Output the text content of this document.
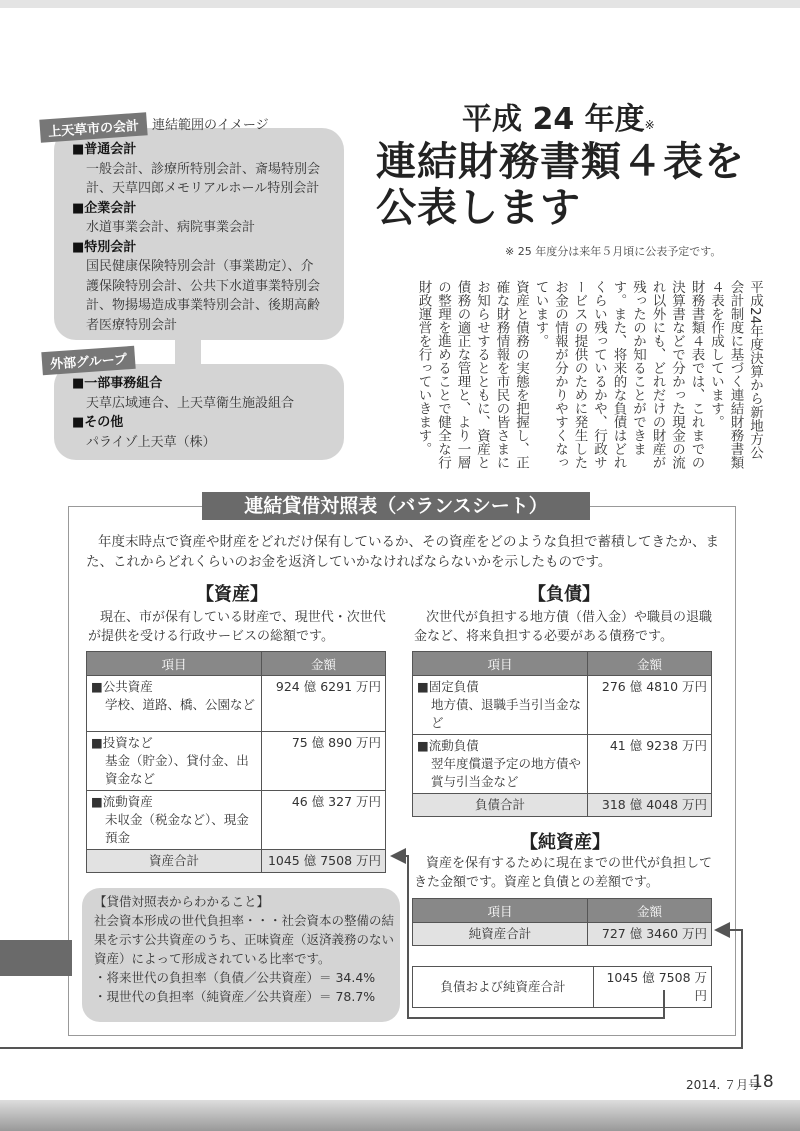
上天草市の会計 連結範囲のイメージ
■普通会計
一般会計、診療所特別会計、斎場特別会
計、天草四郎メモリアルホール特別会計
■企業会計
水道事業会計、病院事業会計
■特別会計
国民健康保険特別会計（事業勘定）、介
護保険特別会計、公共下水道事業特別会
計、物揚場造成事業特別会計、後期高齢
者医療特別会計
外部グループ
■一部事務組合
天草広域連合、上天草衛生施設組合
■その他
パライゾ上天草（株）
平成 24 年度※
連結財務書類４表を
公表します
※ 25 年度分は来年５月頃に公表予定です。

平成24年度決算から新地方公会計制度に基づく連結財務書類４表を作成しています。

財務書類４表では、これまでの決算書などで分かった現金の流れ以外にも、どれだけの財産が残ったのか知ることができます。また、将来的な負債はどれくらい残っているかや、行政サービスの提供のために発生したお金の情報が分かりやすくなっています。

資産と債務の実態を把握し、正確な財務情報を市民の皆さまにお知らせするとともに、資産と債務の適正な管理と、より一層の整理を進めることで健全な行財政運営を行っていきます。

連結貸借対照表（バランスシート）
年度末時点で資産や財産をどれだけ保有しているか、その資産をどのような負担で蓄積してきたか、また、これからどれくらいのお金を返済していかなければならないかを示したものです。
【資産】
現在、市が保有している財産で、現世代・次世代が提供を受ける行政サービスの総額です。
項目	金額
■公共資産
学校、道路、橋、公園など	924 億 6291 万円
■投資など
基金（貯金）、貸付金、出資金など	75 億 890 万円
■流動資産
未収金（税金など）、現金預金	46 億 327 万円
資産合計	1045 億 7508 万円
【負債】
次世代が負担する地方債（借入金）や職員の退職金など、将来負担する必要がある債務です。
項目	金額
■固定負債
地方債、退職手当引当金など	276 億 4810 万円
■流動負債
翌年度償還予定の地方債や賞与引当金など	41 億 9238 万円
負債合計	318 億 4048 万円
【純資産】
資産を保有するために現在までの世代が負担してきた金額です。資産と負債との差額です。
項目	金額
純資産合計	727 億 3460 万円
負債および純資産合計	1045 億 7508 万円
【貸借対照表からわかること】
社会資本形成の世代負担率・・・社会資本の整備の結果を示す公共資産のうち、正味資産（返済義務のない資産）によって形成されている比率です。
・将来世代の負担率（負債／公共資産）＝ 34.4%
・現世代の負担率（純資産／公共資産）＝ 78.7%
2014. ７月号
18
